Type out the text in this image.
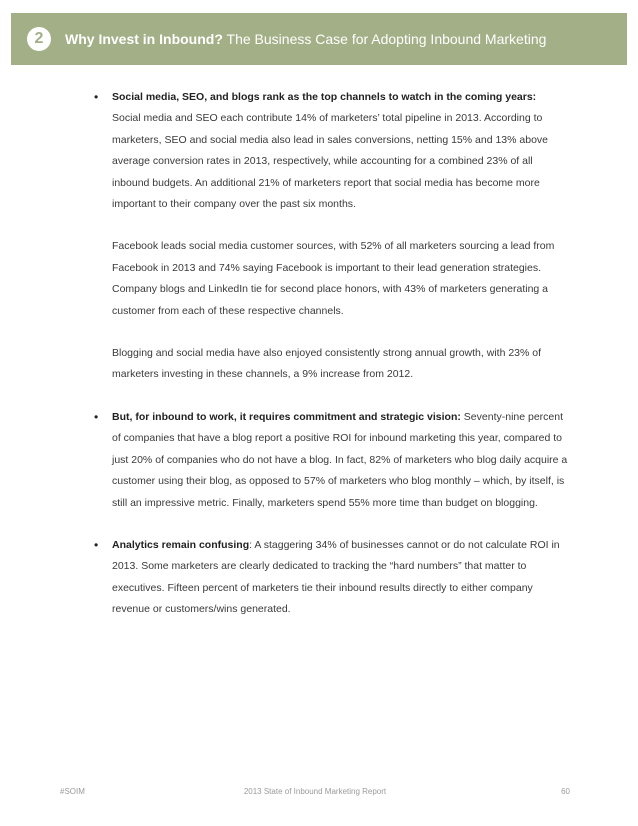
2	Why Invest in Inbound? The Business Case for Adopting Inbound Marketing
• Social media, SEO, and blogs rank as the top channels to watch in the coming years:
Social media and SEO each contribute 14% of marketers’ total pipeline in 2013. According to marketers, SEO and social media also lead in sales conversions, netting 15% and 13% above average conversion rates in 2013, respectively, while accounting for a combined 23% of all inbound budgets. An additional 21% of marketers report that social media has become more important to their company over the past six months.
Facebook leads social media customer sources, with 52% of all marketers sourcing a lead from Facebook in 2013 and 74% saying Facebook is important to their lead generation strategies. Company blogs and LinkedIn tie for second place honors, with 43% of marketers generating a customer from each of these respective channels.
Blogging and social media have also enjoyed consistently strong annual growth, with 23% of marketers investing in these channels, a 9% increase from 2012.
• But, for inbound to work, it requires commitment and strategic vision: Seventy-nine percent of companies that have a blog report a positive ROI for inbound marketing this year, compared to just 20% of companies who do not have a blog. In fact, 82% of marketers who blog daily acquire a customer using their blog, as opposed to 57% of marketers who blog monthly – which, by itself, is still an impressive metric. Finally, marketers spend 55% more time than budget on blogging.
• Analytics remain confusing: A staggering 34% of businesses cannot or do not calculate ROI in 2013. Some marketers are clearly dedicated to tracking the “hard numbers” that matter to executives. Fifteen percent of marketers tie their inbound results directly to either company revenue or customers/wins generated.
#SOIM	2013 State of Inbound Marketing Report	60
